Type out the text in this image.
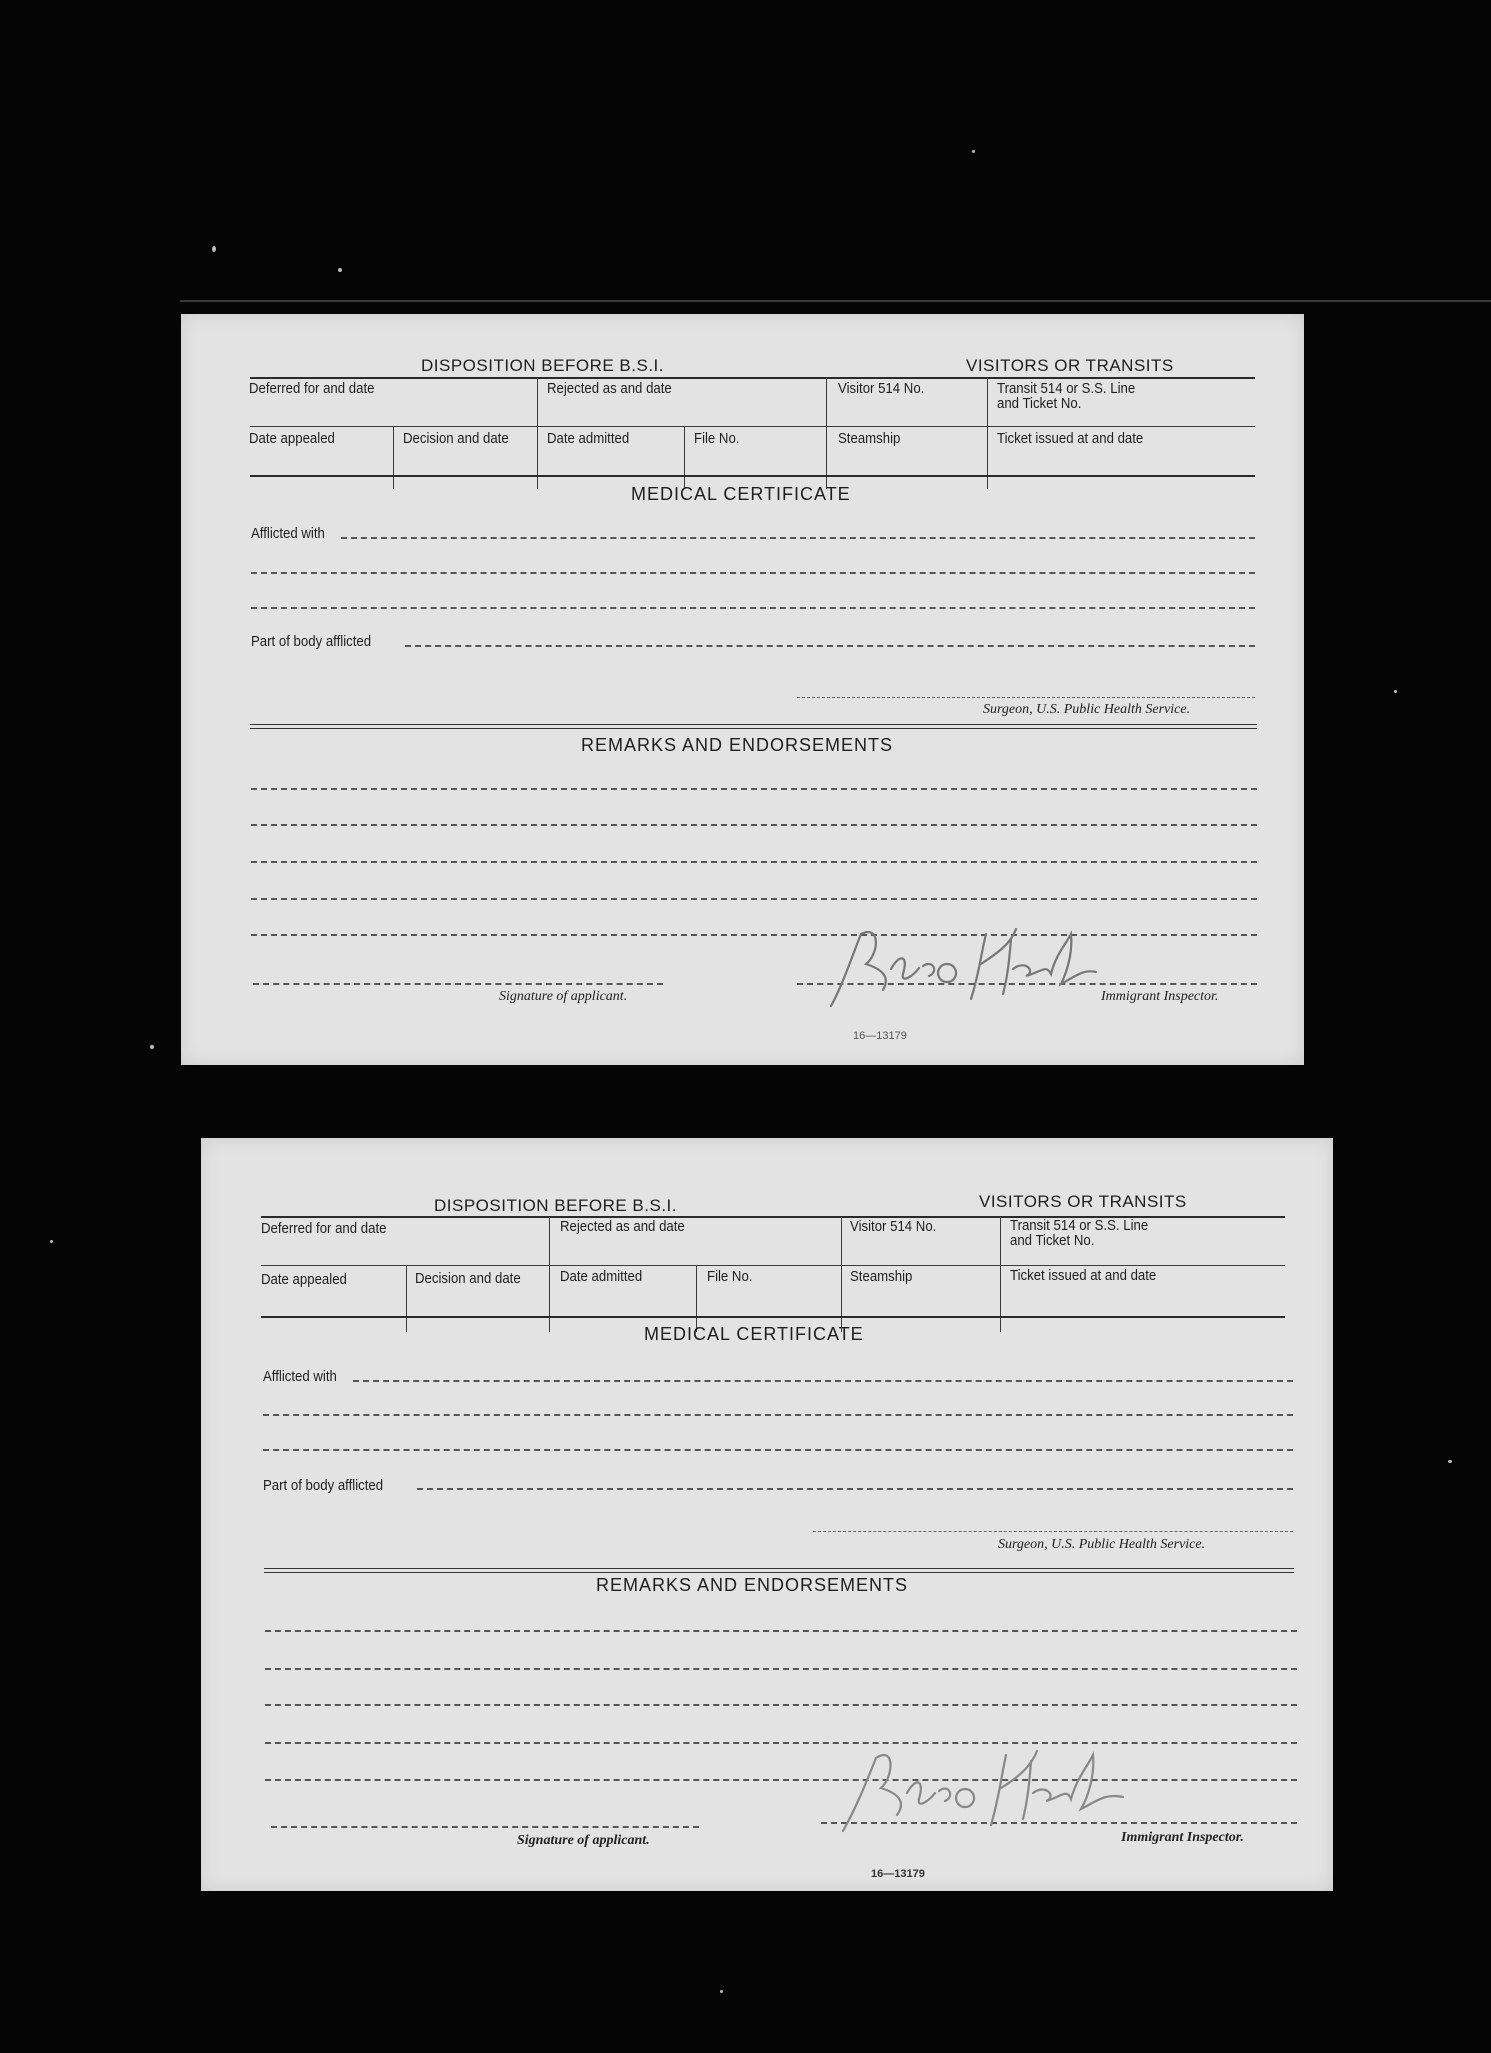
DISPOSITION BEFORE B.S.I.	VISITORS OR TRANSITS
Deferred for and date	Rejected as and date	Visitor 514 No.	Transit 514 or S.S. Line
and Ticket No.
Date appealed	Decision and date	Date admitted	File No.	Steamship	Ticket issued at and date
MEDICAL CERTIFICATE
Afflicted with
Part of body afflicted
Surgeon, U.S. Public Health Service.
REMARKS AND ENDORSEMENTS
Signature of applicant.	Immigrant Inspector.
16—13179
DISPOSITION BEFORE B.S.I.	VISITORS OR TRANSITS
Deferred for and date	Rejected as and date	Visitor 514 No.	Transit 514 or S.S. Line
and Ticket No.
Date appealed	Decision and date	Date admitted	File No.	Steamship	Ticket issued at and date
MEDICAL CERTIFICATE
Afflicted with
Part of body afflicted
Surgeon, U.S. Public Health Service.
REMARKS AND ENDORSEMENTS
Signature of applicant.	Immigrant Inspector.
16—13179
